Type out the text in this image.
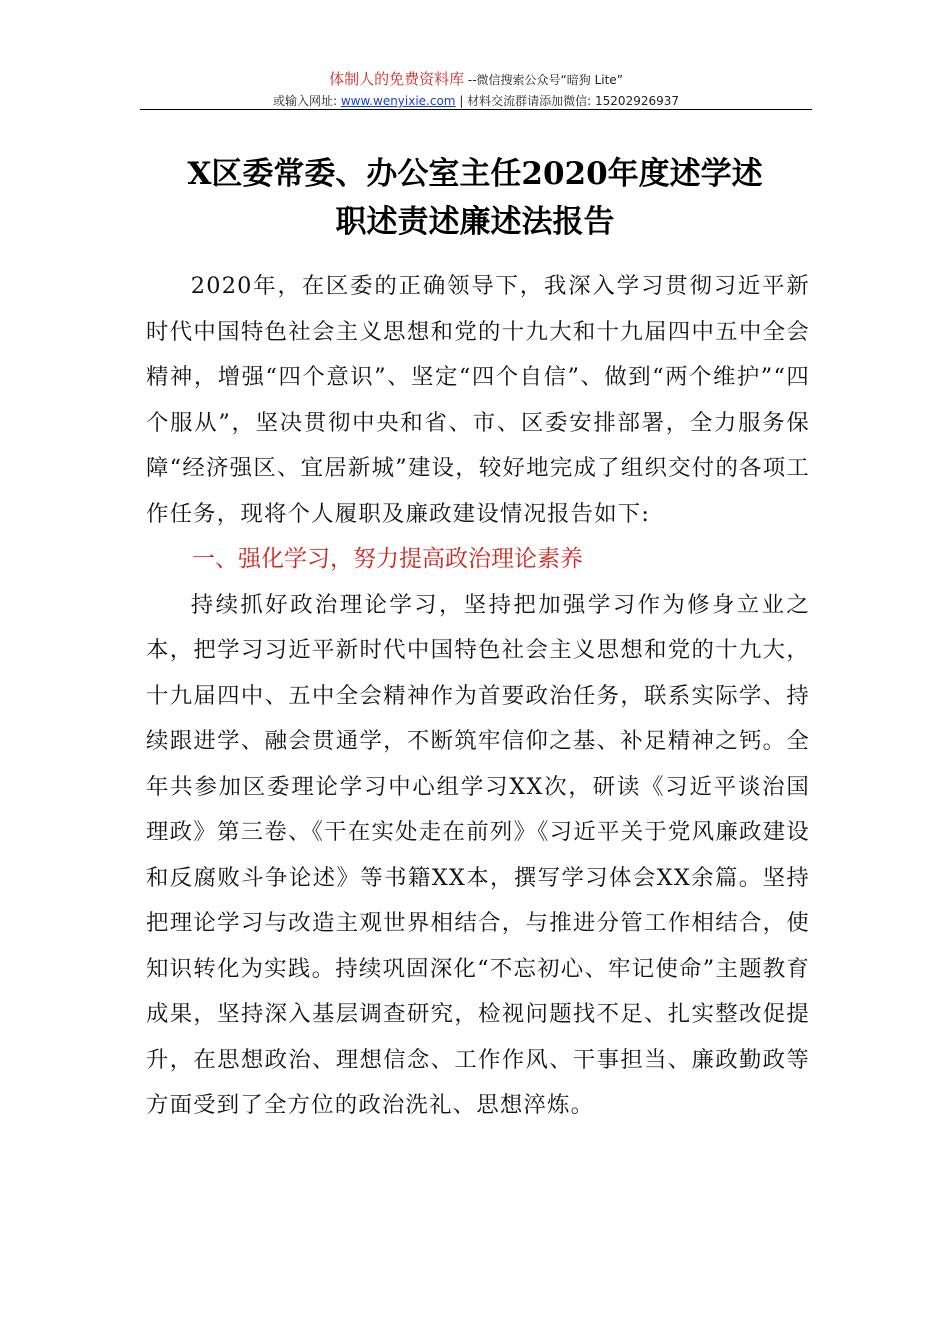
体制人的免费资料库 --微信搜索公众号“暗狗 Lite”
或输入网址: www.wenyixie.com | 材料交流群请添加微信: 15202926937
X区委常委、办公室主任2020年度述学述
职述责述廉述法报告

2020年，在区委的正确领导下，我深入学习贯彻习近平新时代中国特色社会主义思想和党的十九大和十九届四中五中全会精神，增强“四个意识”、坚定“四个自信”、做到“两个维护”“四个服从”，坚决贯彻中央和省、市、区委安排部署，全力服务保障“经济强区、宜居新城”建设，较好地完成了组织交付的各项工作任务，现将个人履职及廉政建设情况报告如下:

一、强化学习，努力提高政治理论素养

持续抓好政治理论学习，坚持把加强学习作为修身立业之本，把学习习近平新时代中国特色社会主义思想和党的十九大，十九届四中、五中全会精神作为首要政治任务，联系实际学、持续跟进学、融会贯通学，不断筑牢信仰之基、补足精神之钙。全年共参加区委理论学习中心组学习XX次，研读《习近平谈治国理政》第三卷、《干在实处走在前列》《习近平关于党风廉政建设和反腐败斗争论述》等书籍XX本，撰写学习体会XX余篇。坚持把理论学习与改造主观世界相结合，与推进分管工作相结合，使知识转化为实践。持续巩固深化“不忘初心、牢记使命”主题教育成果，坚持深入基层调查研究，检视问题找不足、扎实整改促提升，在思想政治、理想信念、工作作风、干事担当、廉政勤政等方面受到了全方位的政治洗礼、思想淬炼。
